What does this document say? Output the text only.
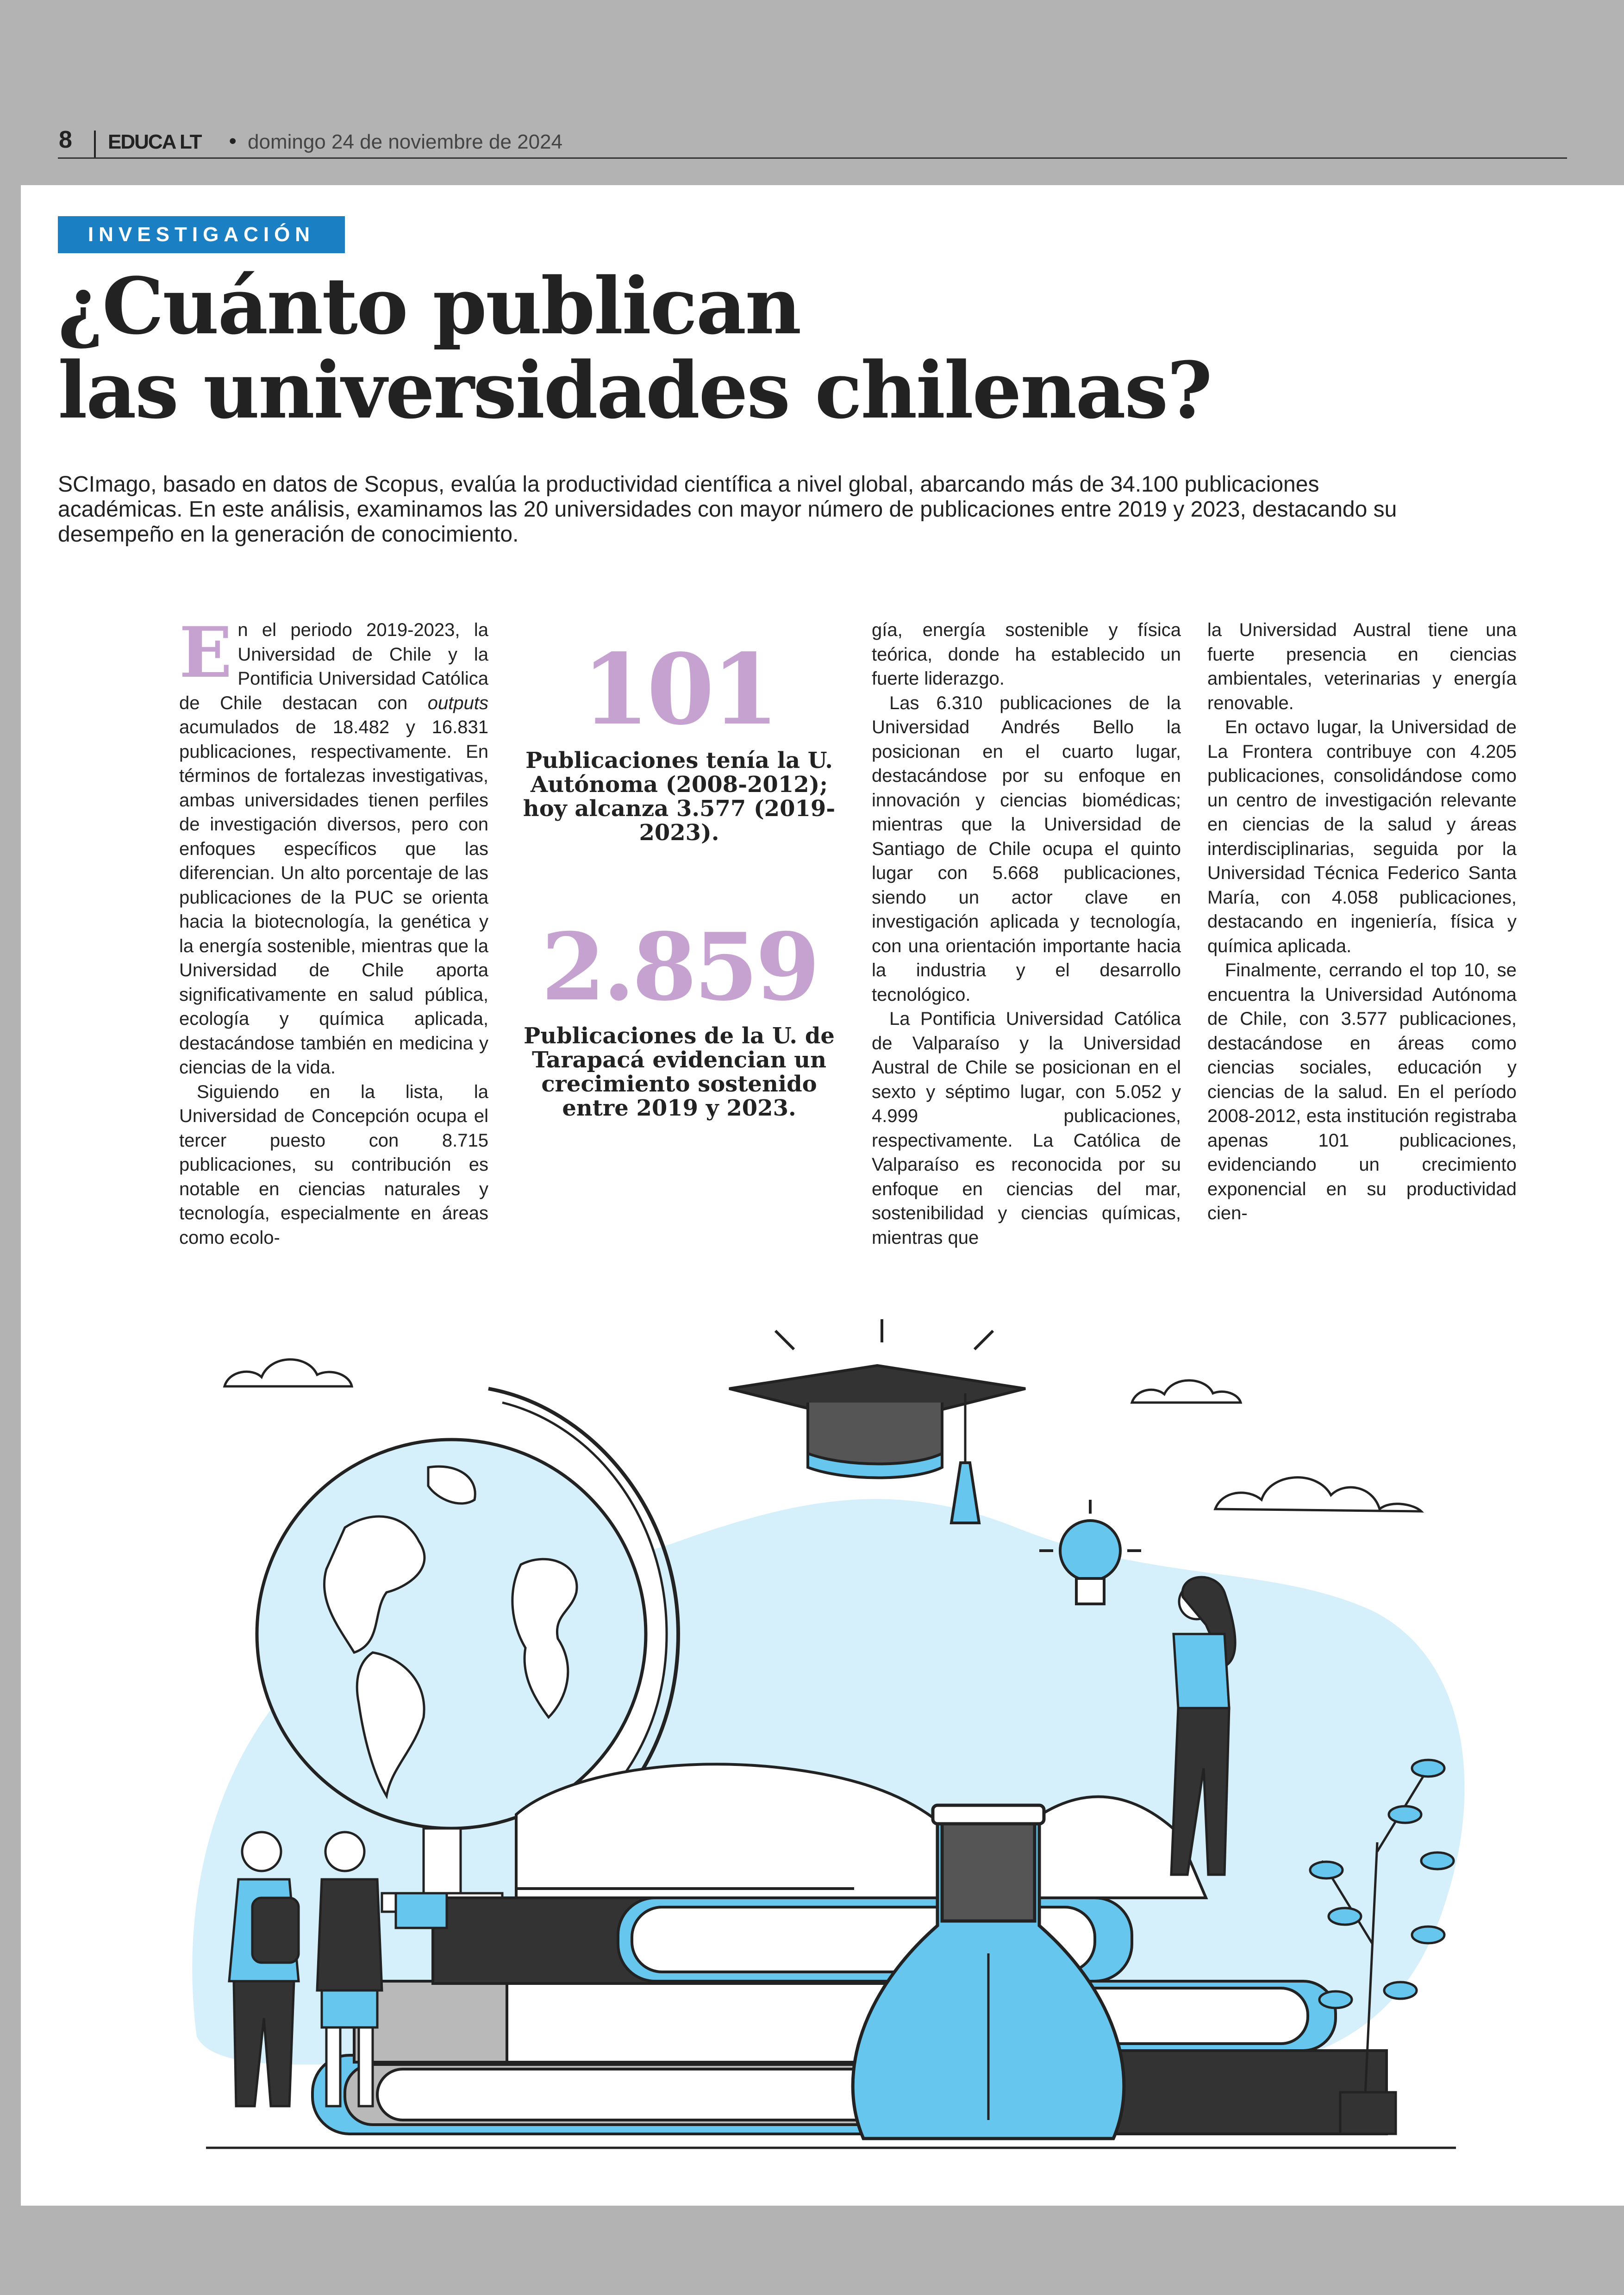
8 EDUCA LT • domingo 24 de noviembre de 2024
INVESTIGACIÓN
¿Cuánto publican
las universidades chilenas?
SCImago, basado en datos de Scopus, evalúa la productividad científica a nivel global, abarcando más de 34.100 publicaciones académicas. En este análisis, examinamos las 20 universidades con mayor número de publicaciones entre 2019 y 2023, destacando su desempeño en la generación de conocimiento.

En el periodo 2019-2023, la Universidad de Chile y la Pontificia Universidad Católica de Chile destacan con outputs acumulados de 18.482 y 16.831 publicaciones, respectivamente. En términos de fortalezas investigativas, ambas universidades tienen perfiles de investigación diversos, pero con enfoques específicos que las diferencian. Un alto porcentaje de las publicaciones de la PUC se orienta hacia la biotecnología, la genética y la energía sostenible, mientras que la Universidad de Chile aporta significativamente en salud pública, ecología y química aplicada, destacándose también en medicina y ciencias de la vida.

Siguiendo en la lista, la Universidad de Concepción ocupa el tercer puesto con 8.715 publicaciones, su contribución es notable en ciencias naturales y tecnología, especialmente en áreas como ecolo-

101
Publicaciones tenía la U. Autónoma (2008-2012); hoy alcanza 3.577 (2019-2023).
2.859
Publicaciones de la U. de Tarapacá evidencian un crecimiento sostenido entre 2019 y 2023.

gía, energía sostenible y física teórica, donde ha establecido un fuerte liderazgo.

Las 6.310 publicaciones de la Universidad Andrés Bello la posicionan en el cuarto lugar, destacándose por su enfoque en innovación y ciencias biomédicas; mientras que la Universidad de Santiago de Chile ocupa el quinto lugar con 5.668 publicaciones, siendo un actor clave en investigación aplicada y tecnología, con una orientación importante hacia la industria y el desarrollo tecnológico.

La Pontificia Universidad Católica de Valparaíso y la Universidad Austral de Chile se posicionan en el sexto y séptimo lugar, con 5.052 y 4.999 publicaciones, respectivamente. La Católica de Valparaíso es reconocida por su enfoque en ciencias del mar, sostenibilidad y ciencias químicas, mientras que

la Universidad Austral tiene una fuerte presencia en ciencias ambientales, veterinarias y energía renovable.

En octavo lugar, la Universidad de La Frontera contribuye con 4.205 publicaciones, consolidándose como un centro de investigación relevante en ciencias de la salud y áreas interdisciplinarias, seguida por la Universidad Técnica Federico Santa María, con 4.058 publicaciones, destacando en ingeniería, física y química aplicada.

Finalmente, cerrando el top 10, se encuentra la Universidad Autónoma de Chile, con 3.577 publicaciones, destacándose en áreas como ciencias sociales, educación y ciencias de la salud. En el período 2008-2012, esta institución registraba apenas 101 publicaciones, evidenciando un crecimiento exponencial en su productividad cien-
